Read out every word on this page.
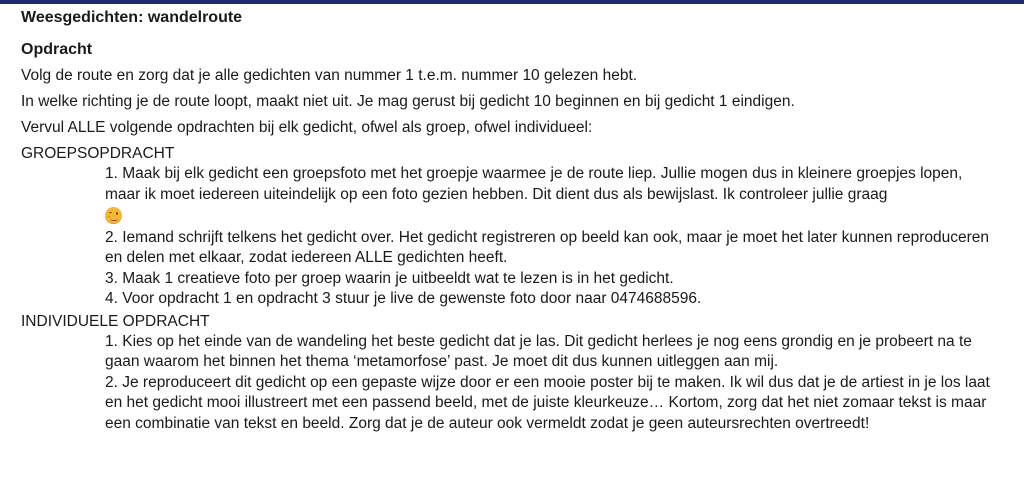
Weesgedichten: wandelroute
Opdracht
Volg de route en zorg dat je alle gedichten van nummer 1 t.e.m. nummer 10 gelezen hebt.
In welke richting je de route loopt, maakt niet uit. Je mag gerust bij gedicht 10 beginnen en bij gedicht 1 eindigen.
Vervul ALLE volgende opdrachten bij elk gedicht, ofwel als groep, ofwel individueel:
GROEPSOPDRACHT
1. Maak bij elk gedicht een groepsfoto met het groepje waarmee je de route liep. Jullie mogen dus in kleinere groepjes lopen, maar ik moet iedereen uiteindelijk op een foto gezien hebben. Dit dient dus als bewijslast. Ik controleer jullie graag

2. Iemand schrijft telkens het gedicht over. Het gedicht registreren op beeld kan ook, maar je moet het later kunnen reproduceren en delen met elkaar, zodat iedereen ALLE gedichten heeft.
3. Maak 1 creatieve foto per groep waarin je uitbeeldt wat te lezen is in het gedicht.
4. Voor opdracht 1 en opdracht 3 stuur je live de gewenste foto door naar 0474688596.
INDIVIDUELE OPDRACHT
1. Kies op het einde van de wandeling het beste gedicht dat je las. Dit gedicht herlees je nog eens grondig en je probeert na te gaan waarom het binnen het thema ‘metamorfose’ past. Je moet dit dus kunnen uitleggen aan mij.
2. Je reproduceert dit gedicht op een gepaste wijze door er een mooie poster bij te maken. Ik wil dus dat je de artiest in je los laat en het gedicht mooi illustreert met een passend beeld, met de juiste kleurkeuze… Kortom, zorg dat het niet zomaar tekst is maar een combinatie van tekst en beeld. Zorg dat je de auteur ook vermeldt zodat je geen auteursrechten overtreedt!
